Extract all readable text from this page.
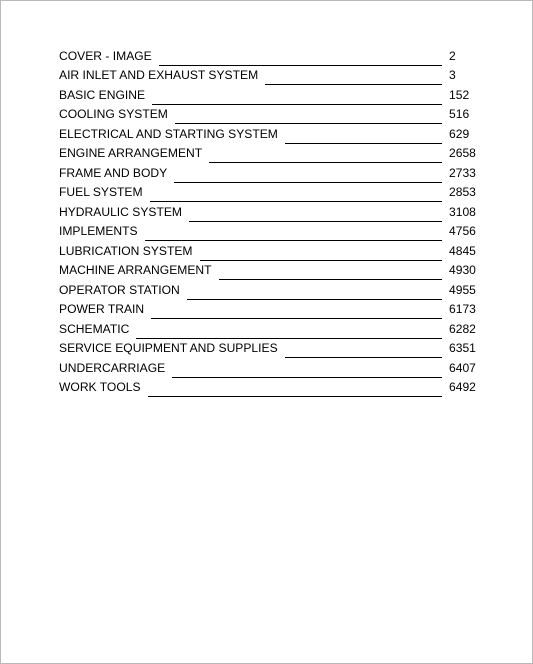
COVER - IMAGE	2
AIR INLET AND EXHAUST SYSTEM	3
BASIC ENGINE	152
COOLING SYSTEM	516
ELECTRICAL AND STARTING SYSTEM	629
ENGINE ARRANGEMENT	2658
FRAME AND BODY	2733
FUEL SYSTEM	2853
HYDRAULIC SYSTEM	3108
IMPLEMENTS	4756
LUBRICATION SYSTEM	4845
MACHINE ARRANGEMENT	4930
OPERATOR STATION	4955
POWER TRAIN	6173
SCHEMATIC	6282
SERVICE EQUIPMENT AND SUPPLIES	6351
UNDERCARRIAGE	6407
WORK TOOLS	6492
